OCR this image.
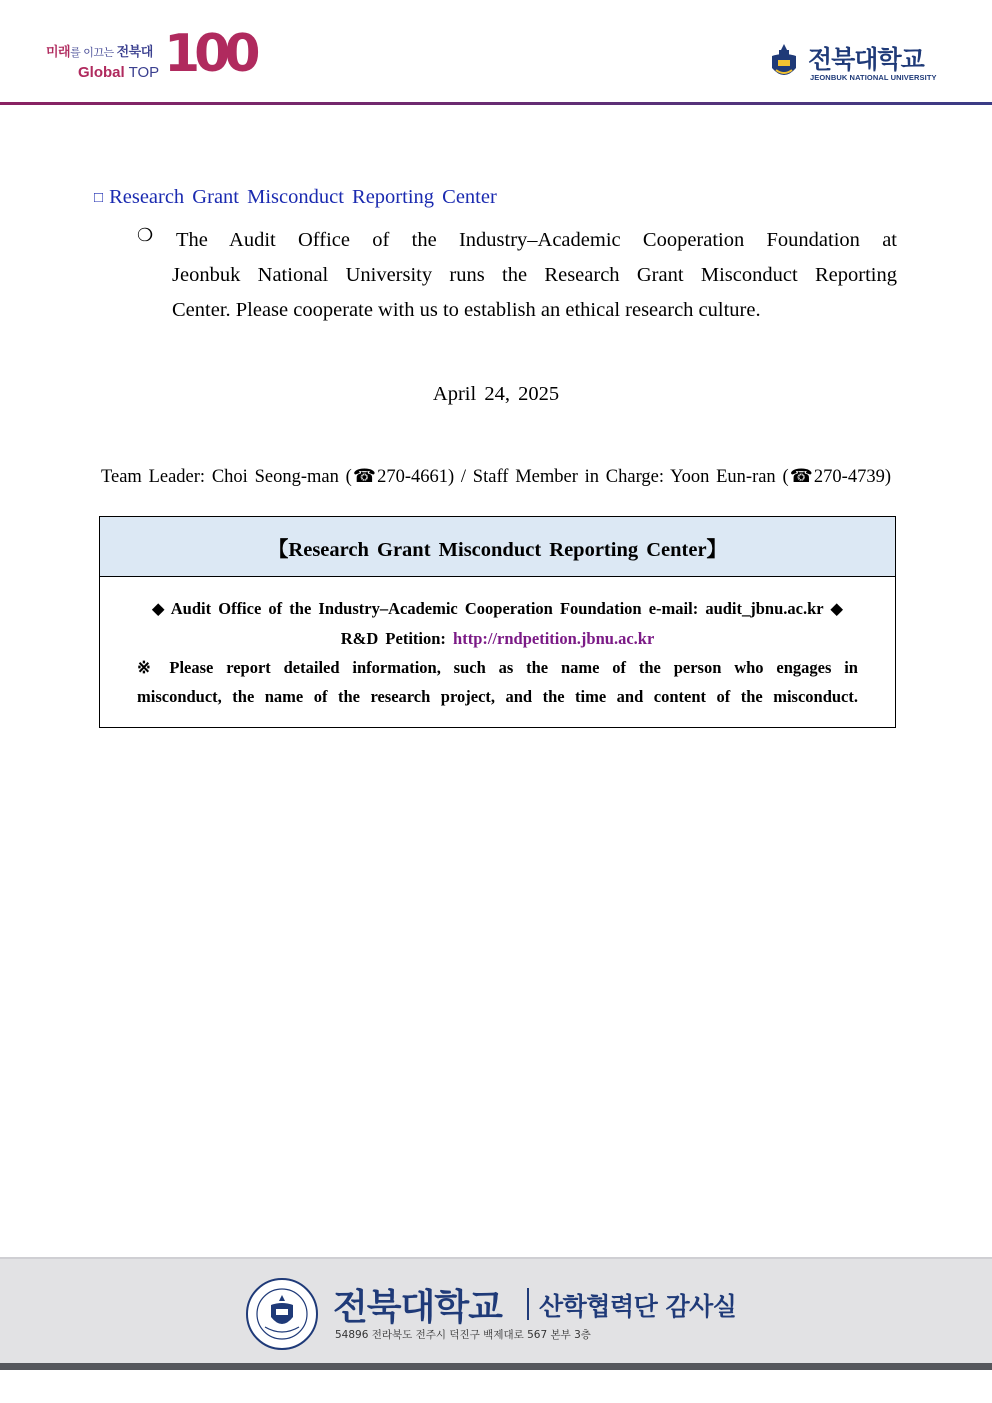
미래를 이끄는 전북대
Global TOP 100	전북대학교
JEONBUK NATIONAL UNIVERSITY
□ Research Grant Misconduct Reporting Center
❍ The Audit Office of the Industry–Academic Cooperation Foundation at
Jeonbuk National University runs the Research Grant Misconduct Reporting
Center. Please cooperate with us to establish an ethical research culture.
April 24, 2025
Team Leader: Choi Seong-man (☎270-4661) / Staff Member in Charge: Yoon Eun-ran (☎270-4739)
【Research Grant Misconduct Reporting Center】
◆ Audit Office of the Industry–Academic Cooperation Foundation e-mail: audit_jbnu.ac.kr ◆
R&D Petition: http://rndpetition.jbnu.ac.kr
※ Please report detailed information, such as the name of the person who engages in
misconduct, the name of the research project, and the time and content of the misconduct.
전북대학교 산학협력단 감사실
54896 전라북도 전주시 덕진구 백제대로 567 본부 3층
